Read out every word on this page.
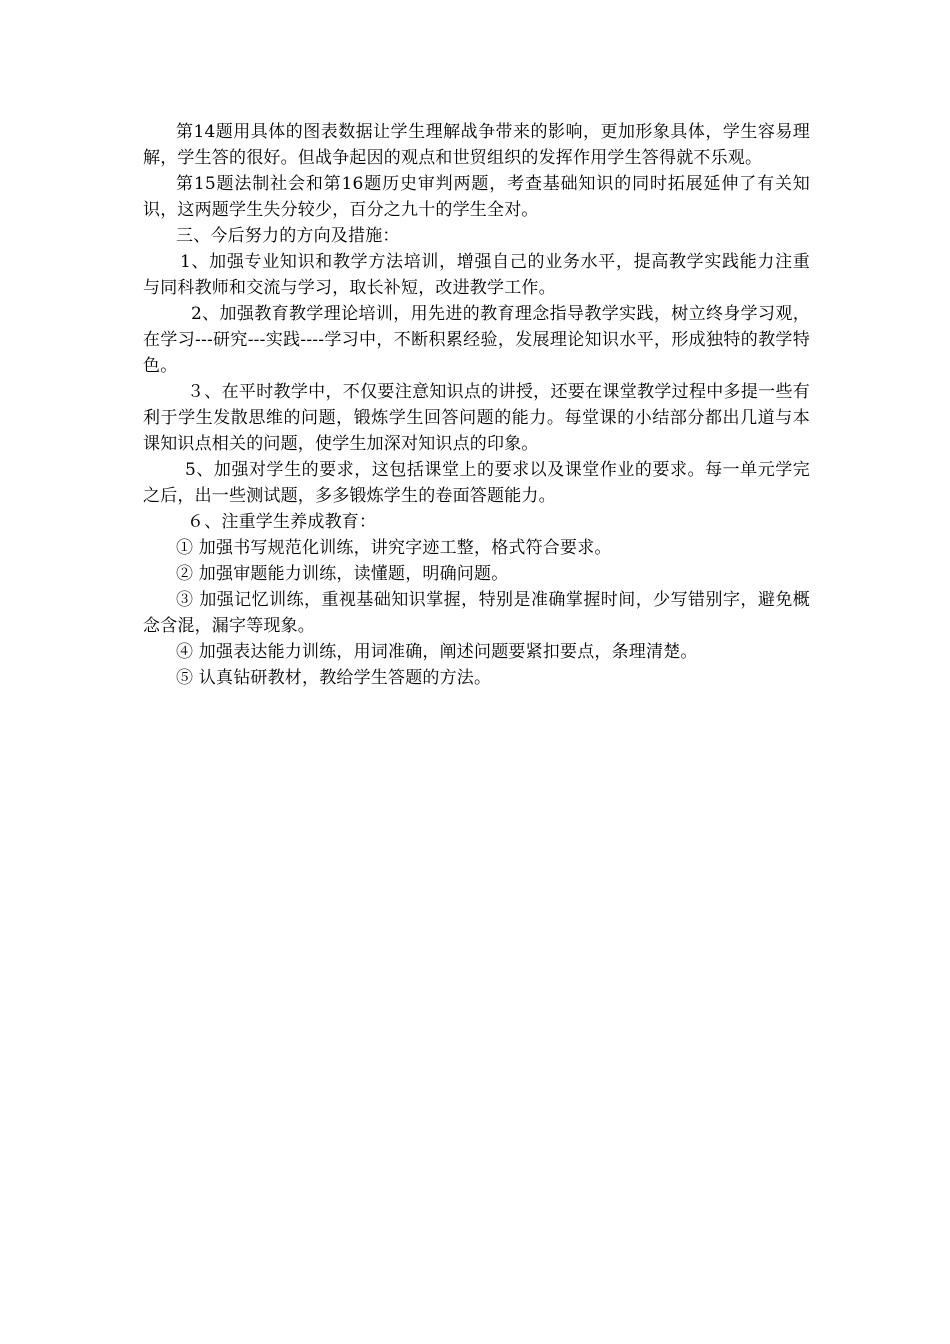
第14题用具体的图表数据让学生理解战争带来的影响，更加形象具体，学生容易理解，学生答的很好。但战争起因的观点和世贸组织的发挥作用学生答得就不乐观。

第15题法制社会和第16题历史审判两题，考查基础知识的同时拓展延伸了有关知识，这两题学生失分较少，百分之九十的学生全对。

三、今后努力的方向及措施：

1、加强专业知识和教学方法培训，增强自己的业务水平，提高教学实践能力注重与同科教师和交流与学习，取长补短，改进教学工作。

2、加强教育教学理论培训，用先进的教育理念指导教学实践，树立终身学习观，在学习---研究---实践----学习中，不断积累经验，发展理论知识水平，形成独特的教学特色。

３、在平时教学中，不仅要注意知识点的讲授，还要在课堂教学过程中多提一些有利于学生发散思维的问题，锻炼学生回答问题的能力。每堂课的小结部分都出几道与本课知识点相关的问题，使学生加深对知识点的印象。

5、加强对学生的要求，这包括课堂上的要求以及课堂作业的要求。每一单元学完之后，出一些测试题，多多锻炼学生的卷面答题能力。

６、注重学生养成教育：

① 加强书写规范化训练，讲究字迹工整，格式符合要求。

② 加强审题能力训练，读懂题，明确问题。

③ 加强记忆训练，重视基础知识掌握，特别是准确掌握时间，少写错别字，避免概念含混，漏字等现象。

④ 加强表达能力训练，用词准确，阐述问题要紧扣要点，条理清楚。

⑤ 认真钻研教材，教给学生答题的方法。
